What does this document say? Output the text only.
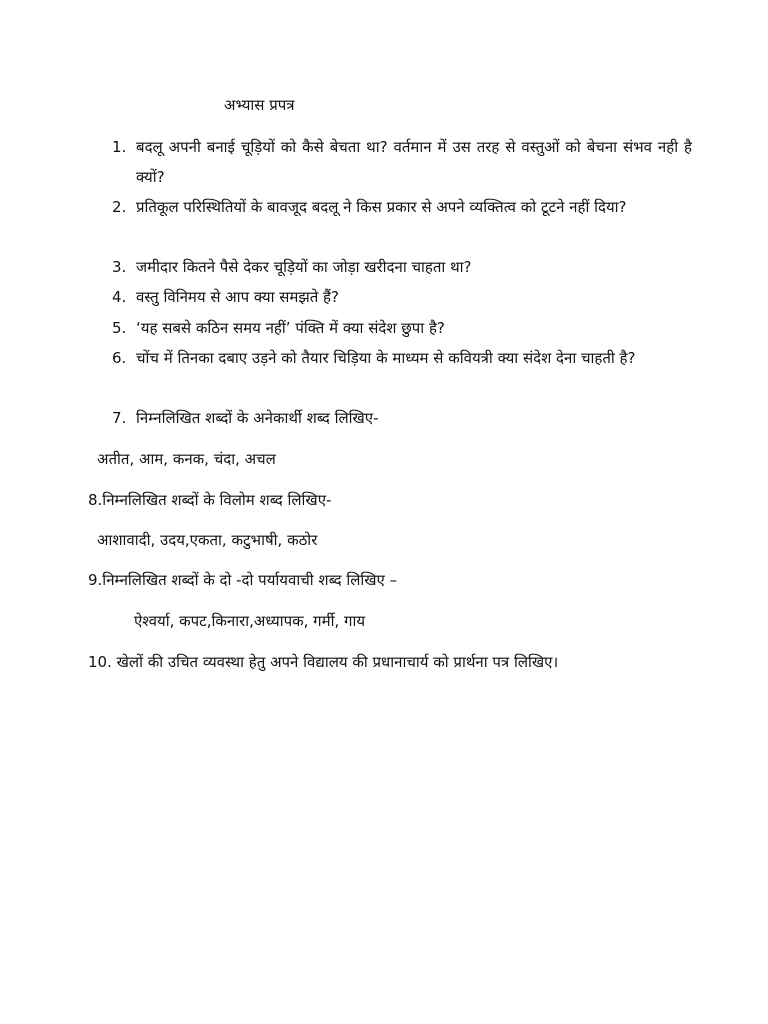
अभ्यास प्रपत्र
1. बदलू अपनी बनाई चूड़ियों को कैसे बेचता था? वर्तमान में उस तरह से वस्तुओं को बेचना संभव नही है क्यों?
2. प्रतिकूल परिस्थितियों के बावजूद बदलू ने किस प्रकार से अपने व्यक्तित्व को टूटने नहीं दिया?
3. जमीदार कितने पैसे देकर चूड़ियों का जोड़ा खरीदना चाहता था?
4. वस्तु विनिमय से आप क्या समझते हैं?
5. ‘यह सबसे कठिन समय नहीं’ पंक्ति में क्या संदेश छुपा है?
6. चोंच में तिनका दबाए उड़ने को तैयार चिड़िया के माध्यम से कवियत्री क्या संदेश देना चाहती है?
7. निम्नलिखित शब्दों के अनेकार्थी शब्द लिखिए-
अतीत, आम, कनक, चंदा, अचल
8.निम्नलिखित शब्दों के विलोम शब्द लिखिए-
आशावादी, उदय,एकता, कटुभाषी, कठोर
9.निम्नलिखित शब्दों के दो -दो पर्यायवाची शब्द लिखिए –
ऐश्वर्या, कपट,किनारा,अध्यापक, गर्मी, गाय
10. खेलों की उचित व्यवस्था हेतु अपने विद्यालय की प्रधानाचार्य को प्रार्थना पत्र लिखिए।
